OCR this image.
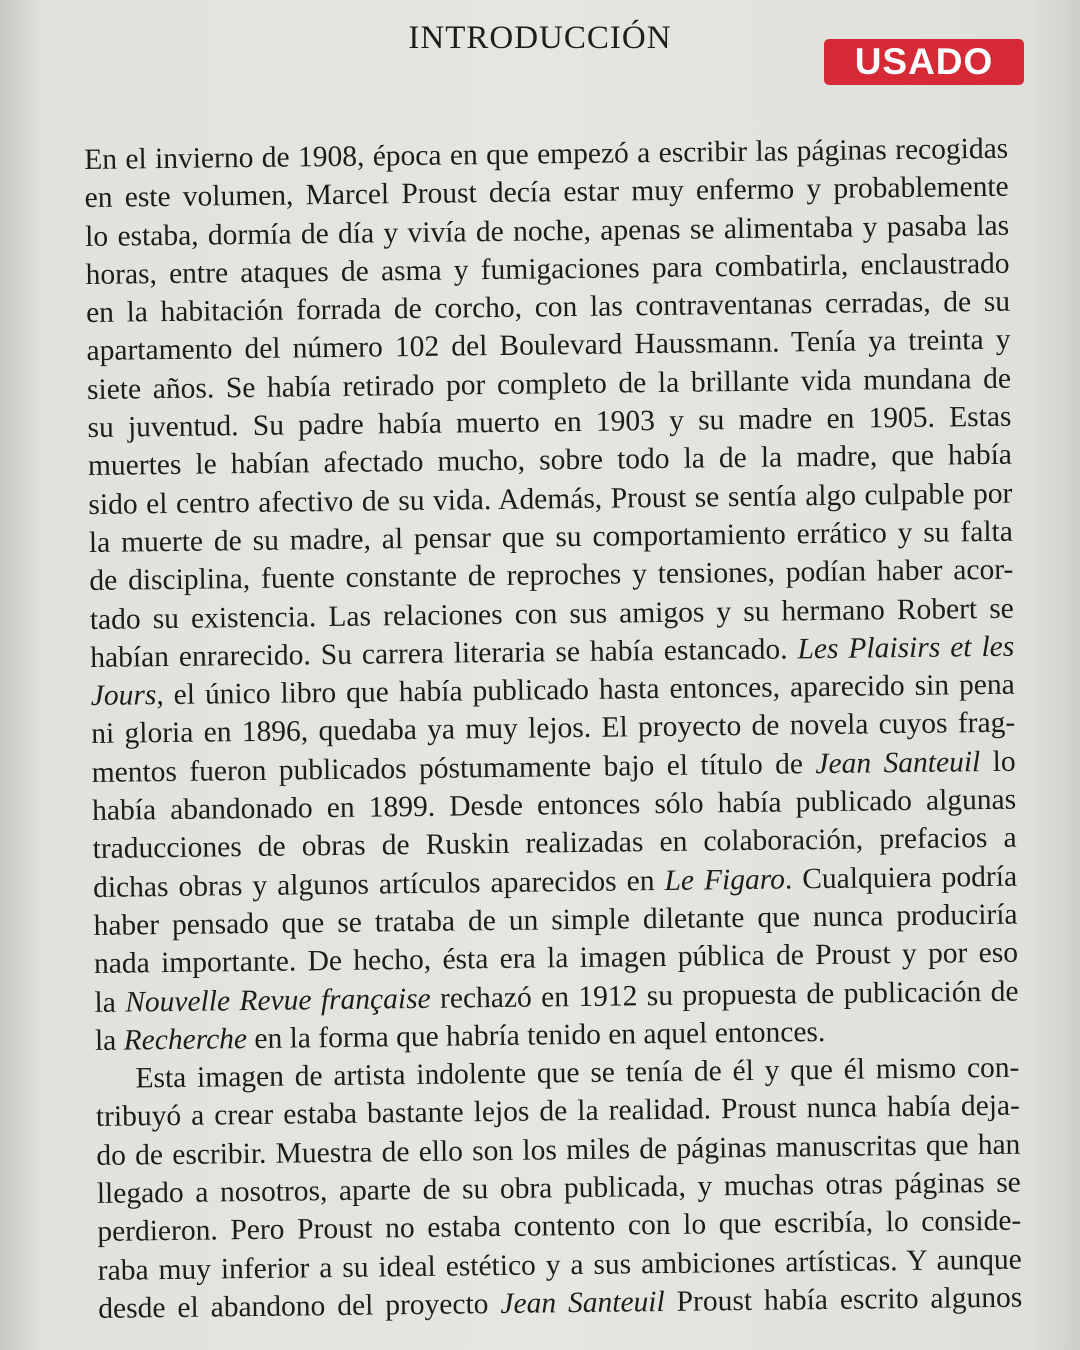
INTRODUCCIÓN
USADO
En el invierno de 1908, época en que empezó a escribir las páginas recogidas
en este volumen, Marcel Proust decía estar muy enfermo y probablemente
lo estaba, dormía de día y vivía de noche, apenas se alimentaba y pasaba las
horas, entre ataques de asma y fumigaciones para combatirla, enclaustrado
en la habitación forrada de corcho, con las contraventanas cerradas, de su
apartamento del número 102 del Boulevard Haussmann. Tenía ya treinta y
siete años. Se había retirado por completo de la brillante vida mundana de
su juventud. Su padre había muerto en 1903 y su madre en 1905. Estas
muertes le habían afectado mucho, sobre todo la de la madre, que había
sido el centro afectivo de su vida. Además, Proust se sentía algo culpable por
la muerte de su madre, al pensar que su comportamiento errático y su falta
de disciplina, fuente constante de reproches y tensiones, podían haber acor-
tado su existencia. Las relaciones con sus amigos y su hermano Robert se
habían enrarecido. Su carrera literaria se había estancado. Les Plaisirs et les
Jours, el único libro que había publicado hasta entonces, aparecido sin pena
ni gloria en 1896, quedaba ya muy lejos. El proyecto de novela cuyos frag-
mentos fueron publicados póstumamente bajo el título de Jean Santeuil lo
había abandonado en 1899. Desde entonces sólo había publicado algunas
traducciones de obras de Ruskin realizadas en colaboración, prefacios a
dichas obras y algunos artículos aparecidos en Le Figaro. Cualquiera podría
haber pensado que se trataba de un simple diletante que nunca produciría
nada importante. De hecho, ésta era la imagen pública de Proust y por eso
la Nouvelle Revue française rechazó en 1912 su propuesta de publicación de
la Recherche en la forma que habría tenido en aquel entonces.
Esta imagen de artista indolente que se tenía de él y que él mismo con-
tribuyó a crear estaba bastante lejos de la realidad. Proust nunca había deja-
do de escribir. Muestra de ello son los miles de páginas manuscritas que han
llegado a nosotros, aparte de su obra publicada, y muchas otras páginas se
perdieron. Pero Proust no estaba contento con lo que escribía, lo conside-
raba muy inferior a su ideal estético y a sus ambiciones artísticas. Y aunque
desde el abandono del proyecto Jean Santeuil Proust había escrito algunos
